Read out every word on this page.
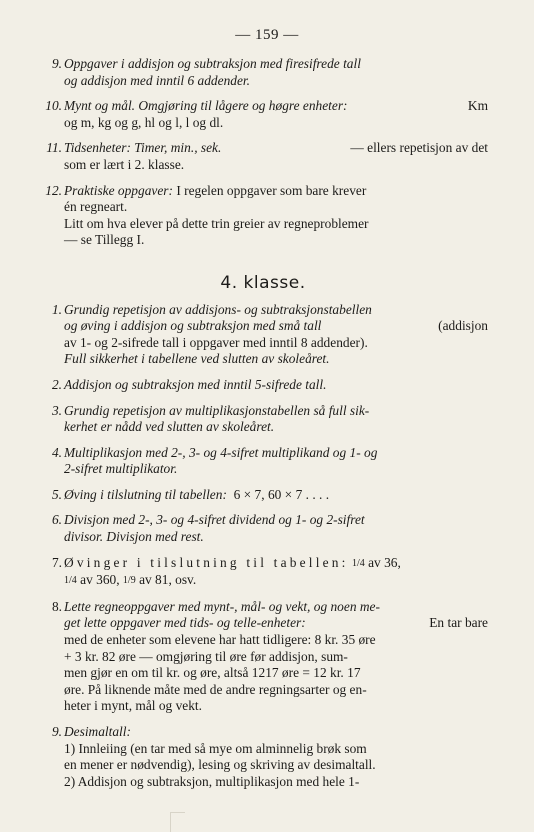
— 159 —
9. Oppgaver i addisjon og subtraksjon med firesifrede tall
og addisjon med inntil 6 addender.
10. Mynt og mål. Omgjøring til lågere og høgre enheter:	Km
og m, kg og g, hl og l, l og dl.
11. Tidsenheter: Timer, min., sek.	— ellers repetisjon av det
som er lært i 2. klasse.
12. Praktiske oppgaver: I regelen oppgaver som bare krever
én regneart.
Litt om hva elever på dette trin greier av regneproblemer
— se Tillegg I.
4. klasse.
1. Grundig repetisjon av addisjons- og subtraksjonstabellen
og øving i addisjon og subtraksjon med små tall	(addisjon
av 1- og 2-sifrede tall i oppgaver med inntil 8 addender).
Full sikkerhet i tabellene ved slutten av skoleåret.
2. Addisjon og subtraksjon med inntil 5-sifrede tall.
3. Grundig repetisjon av multiplikasjonstabellen så full sik-
kerhet er nådd ved slutten av skoleåret.
4. Multiplikasjon med 2-, 3- og 4-sifret multiplikand og 1- og
2-sifret multiplikator.
5. Øving i tilslutning til tabellen: 6 × 7, 60 × 7 . . . .
6. Divisjon med 2-, 3- og 4-sifret dividend og 1- og 2-sifret
divisor. Divisjon med rest.
7. Øvinger i tilslutning til tabellen: 1/4 av 36,
1/4 av 360, 1/9 av 81, osv.
8. Lette regneoppgaver med mynt-, mål- og vekt, og noen me-
get lette oppgaver med tids- og telle-enheter:	En tar bare
med de enheter som elevene har hatt tidligere: 8 kr. 35 øre
+ 3 kr. 82 øre — omgjøring til øre før addisjon, sum-
men gjør en om til kr. og øre, altså 1217 øre = 12 kr. 17
øre. På liknende måte med de andre regningsarter og en-
heter i mynt, mål og vekt.
9. Desimaltall:
1) Innleiing (en tar med så mye om alminnelig brøk som
en mener er nødvendig), lesing og skriving av desimaltall.
2) Addisjon og subtraksjon, multiplikasjon med hele 1-
